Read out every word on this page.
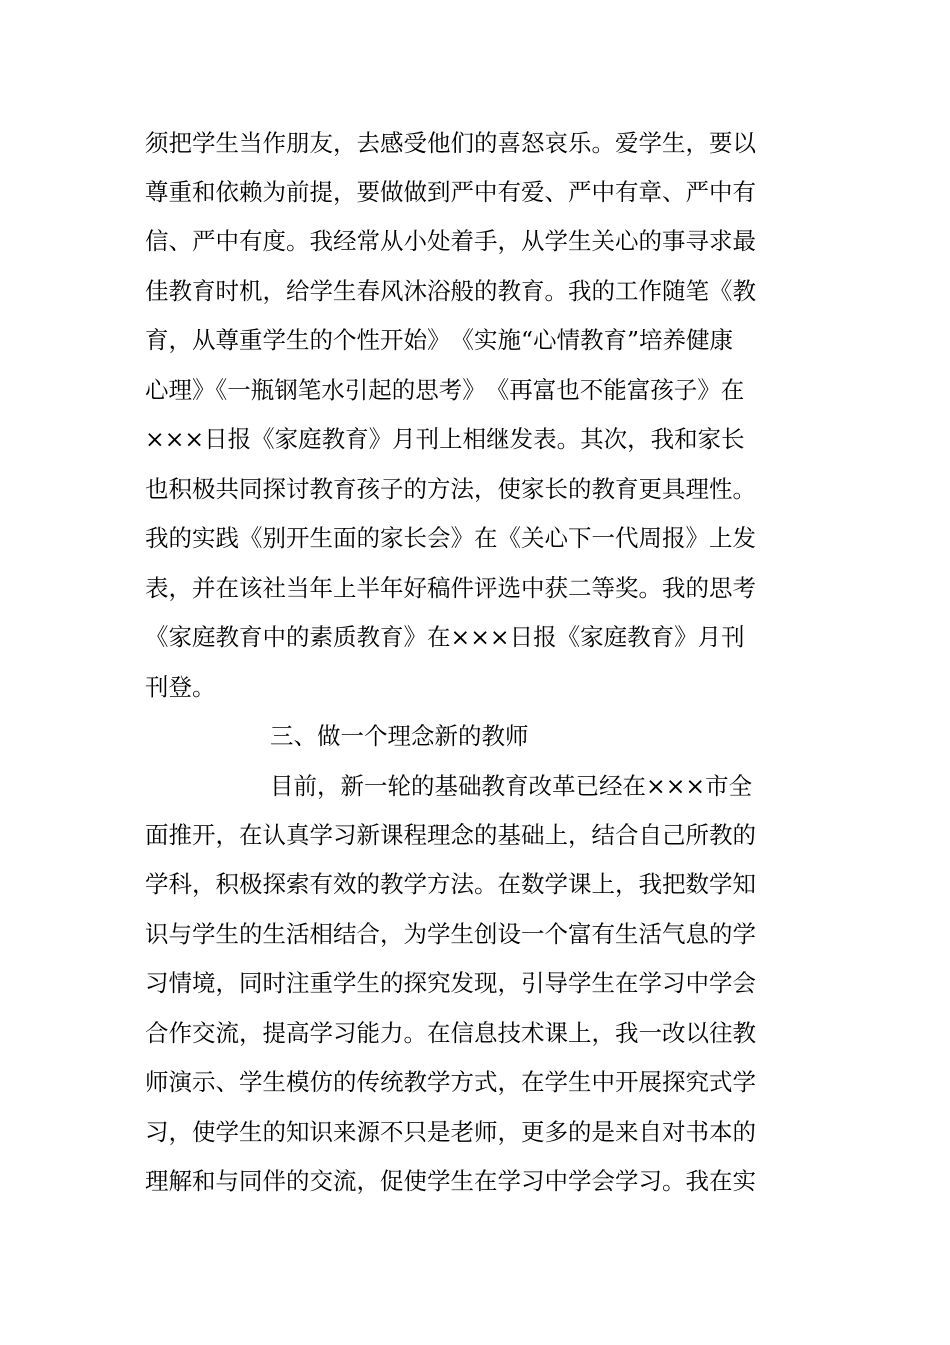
须把学生当作朋友，去感受他们的喜怒哀乐。爱学生，要以
尊重和依赖为前提，要做做到严中有爱、严中有章、严中有
信、严中有度。我经常从小处着手，从学生关心的事寻求最
佳教育时机，给学生春风沐浴般的教育。我的工作随笔《教
育，从尊重学生的个性开始》　《实施“心情教育”培养健康
心理》《一瓶钢笔水引起的思考》　《再富也不能富孩子》在
×××日报《家庭教育》月刊上相继发表。其次，我和家长
也积极共同探讨教育孩子的方法，使家长的教育更具理性。
我的实践《别开生面的家长会》在《关心下一代周报》上发
表，并在该社当年上半年好稿件评选中获二等奖。我的思考
《家庭教育中的素质教育》在×××日报《家庭教育》月刊
刊登。
三、做一个理念新的教师
目前，新一轮的基础教育改革已经在×××市全
面推开，在认真学习新课程理念的基础上，结合自己所教的
学科，积极探索有效的教学方法。在数学课上，我把数学知
识与学生的生活相结合，为学生创设一个富有生活气息的学
习情境，同时注重学生的探究发现，引导学生在学习中学会
合作交流，提高学习能力。在信息技术课上，我一改以往教
师演示、学生模仿的传统教学方式，在学生中开展探究式学
习，使学生的知识来源不只是老师，更多的是来自对书本的
理解和与同伴的交流，促使学生在学习中学会学习。我在实
